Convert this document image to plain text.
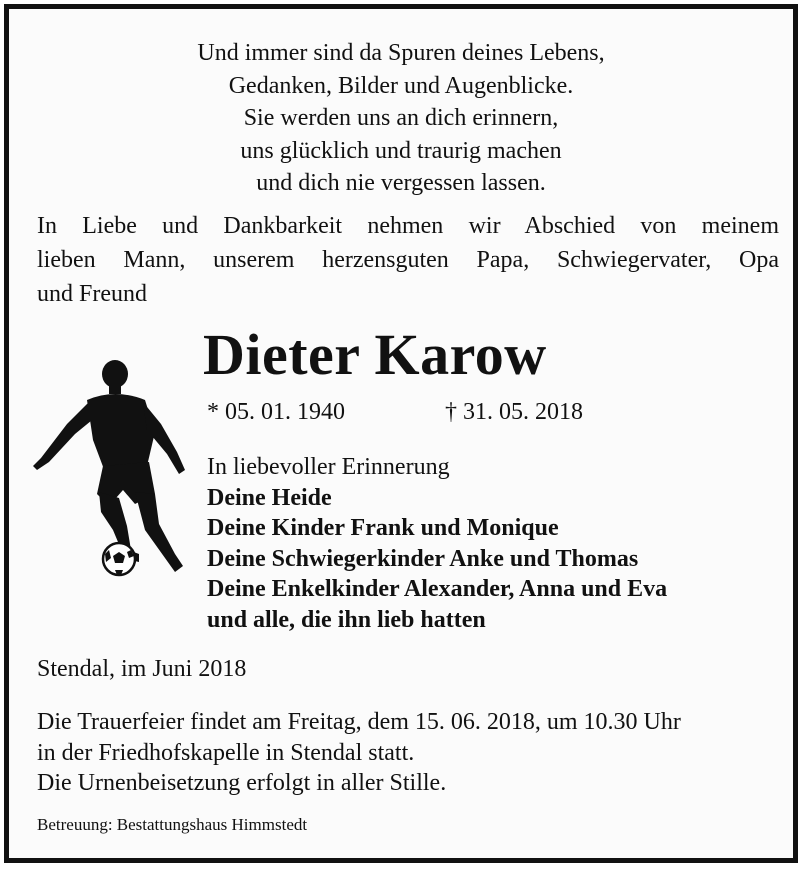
Und immer sind da Spuren deines Lebens,
Gedanken, Bilder und Augenblicke.
Sie werden uns an dich erinnern,
uns glücklich und traurig machen
und dich nie vergessen lassen.
In Liebe und Dankbarkeit nehmen wir Abschied von meinem
lieben Mann, unserem herzensguten Papa, Schwiegervater, Opa
und Freund
Dieter Karow
* 05. 01. 1940	† 31. 05. 2018
In liebevoller Erinnerung
Deine Heide
Deine Kinder Frank und Monique
Deine Schwiegerkinder Anke und Thomas
Deine Enkelkinder Alexander, Anna und Eva
und alle, die ihn lieb hatten
Stendal, im Juni 2018
Die Trauerfeier findet am Freitag, dem 15. 06. 2018, um 10.30 Uhr
in der Friedhofskapelle in Stendal statt.
Die Urnenbeisetzung erfolgt in aller Stille.
Betreuung: Bestattungshaus Himmstedt
